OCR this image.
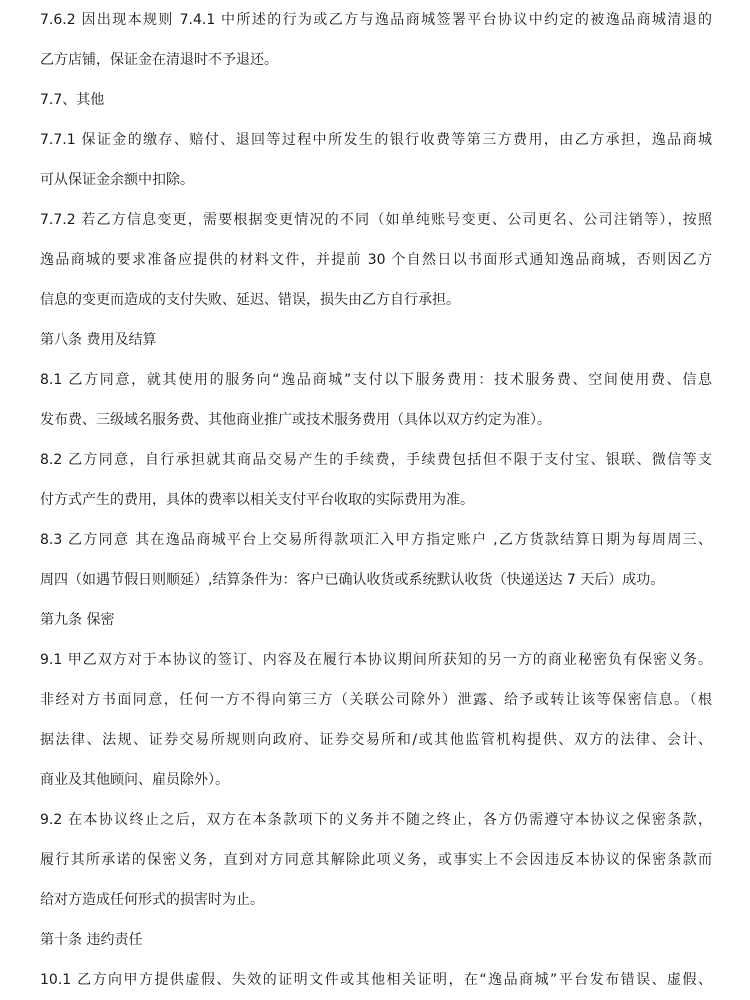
7.6.2 因出现本规则 7.4.1 中所述的行为或乙方与逸品商城签署平台协议中约定的被逸品商城清退的
乙方店铺，保证金在清退时不予退还。
7.7、其他
7.7.1 保证金的缴存、赔付、退回等过程中所发生的银行收费等第三方费用，由乙方承担，逸品商城
可从保证金余额中扣除。
7.7.2 若乙方信息变更，需要根据变更情况的不同（如单纯账号变更、公司更名、公司注销等），按照
逸品商城的要求准备应提供的材料文件，并提前 30 个自然日以书面形式通知逸品商城，否则因乙方
信息的变更而造成的支付失败、延迟、错误，损失由乙方自行承担。
第八条 费用及结算
8.1 乙方同意，就其使用的服务向“逸品商城”支付以下服务费用：技术服务费、空间使用费、信息
发布费、三级域名服务费、其他商业推广或技术服务费用（具体以双方约定为准）。
8.2 乙方同意，自行承担就其商品交易产生的手续费，手续费包括但不限于支付宝、银联、微信等支
付方式产生的费用，具体的费率以相关支付平台收取的实际费用为准。
8.3 乙方同意 其在逸品商城平台上交易所得款项汇入甲方指定账户 ,乙方货款结算日期为每周周三、
周四（如遇节假日则顺延）,结算条件为：客户已确认收货或系统默认收货（快递送达 7 天后）成功。
第九条 保密
9.1 甲乙双方对于本协议的签订、内容及在履行本协议期间所获知的另一方的商业秘密负有保密义务。
非经对方书面同意，任何一方不得向第三方（关联公司除外）泄露、给予或转让该等保密信息。（根
据法律、法规、证券交易所规则向政府、证券交易所和/或其他监管机构提供、双方的法律、会计、
商业及其他顾问、雇员除外）。
9.2 在本协议终止之后，双方在本条款项下的义务并不随之终止，各方仍需遵守本协议之保密条款，
履行其所承诺的保密义务，直到对方同意其解除此项义务，或事实上不会因违反本协议的保密条款而
给对方造成任何形式的损害时为止。
第十条 违约责任
10.1 乙方向甲方提供虚假、失效的证明文件或其他相关证明，在“逸品商城”平台发布错误、虚假、
